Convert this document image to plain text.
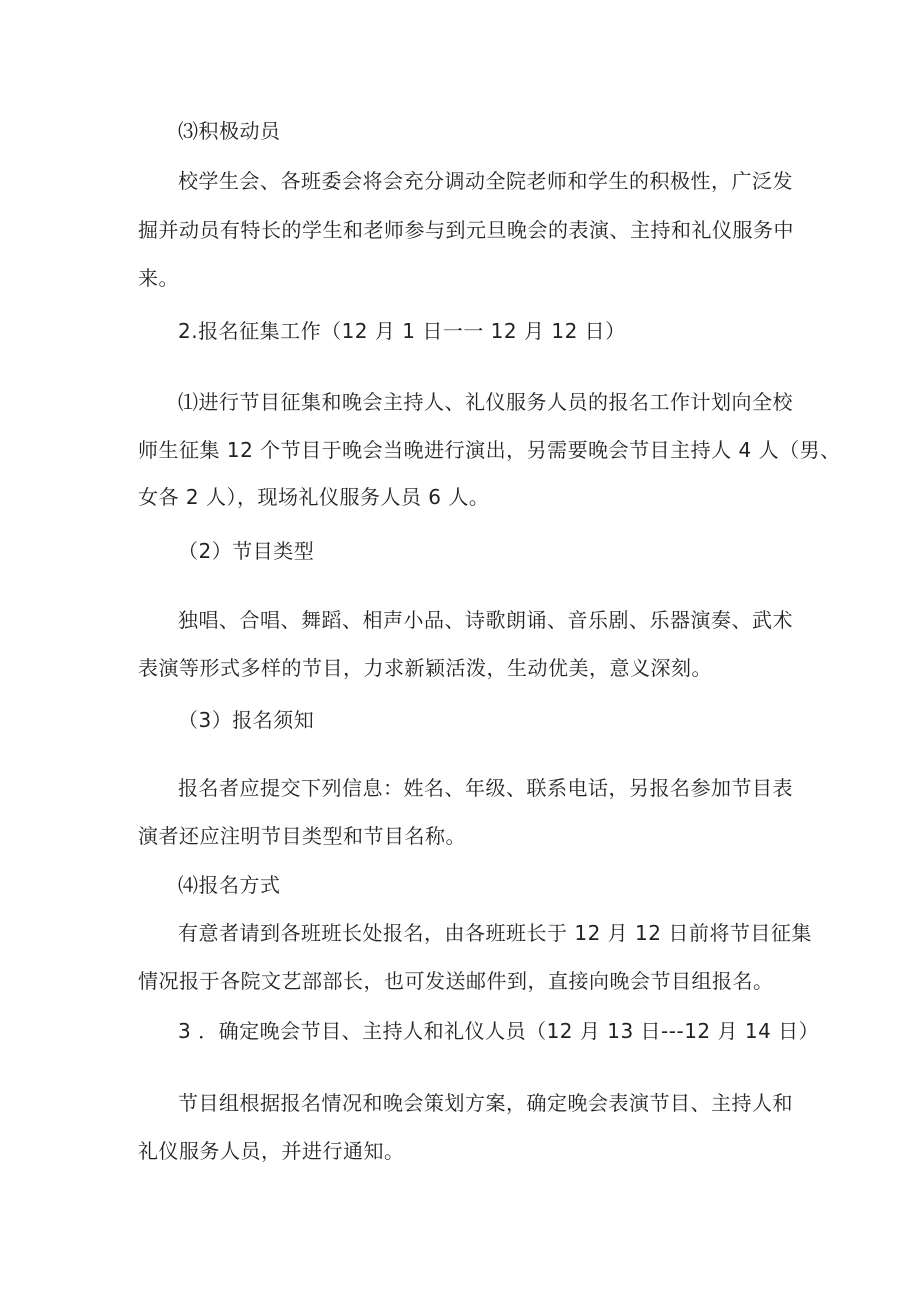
⑶积极动员
校学生会、各班委会将会充分调动全院老师和学生的积极性，广泛发
掘并动员有特长的学生和老师参与到元旦晚会的表演、主持和礼仪服务中
来。
2.报名征集工作（12 月 1 日一一 12 月 12 日）
⑴进行节目征集和晚会主持人、礼仪服务人员的报名工作计划向全校
师生征集 12 个节目于晚会当晚进行演出，另需要晚会节目主持人 4 人（男、
女各 2 人），现场礼仪服务人员 6 人。
（2）节目类型
独唱、合唱、舞蹈、相声小品、诗歌朗诵、音乐剧、乐器演奏、武术
表演等形式多样的节目，力求新颖活泼，生动优美，意义深刻。
（3）报名须知
报名者应提交下列信息：姓名、年级、联系电话，另报名参加节目表
演者还应注明节目类型和节目名称。
⑷报名方式
有意者请到各班班长处报名，由各班班长于 12 月 12 日前将节目征集
情况报于各院文艺部部长，也可发送邮件到，直接向晚会节目组报名。
3 ．确定晚会节目、主持人和礼仪人员（12 月 13 日---12 月 14 日）
节目组根据报名情况和晚会策划方案，确定晚会表演节目、主持人和
礼仪服务人员，并进行通知。
